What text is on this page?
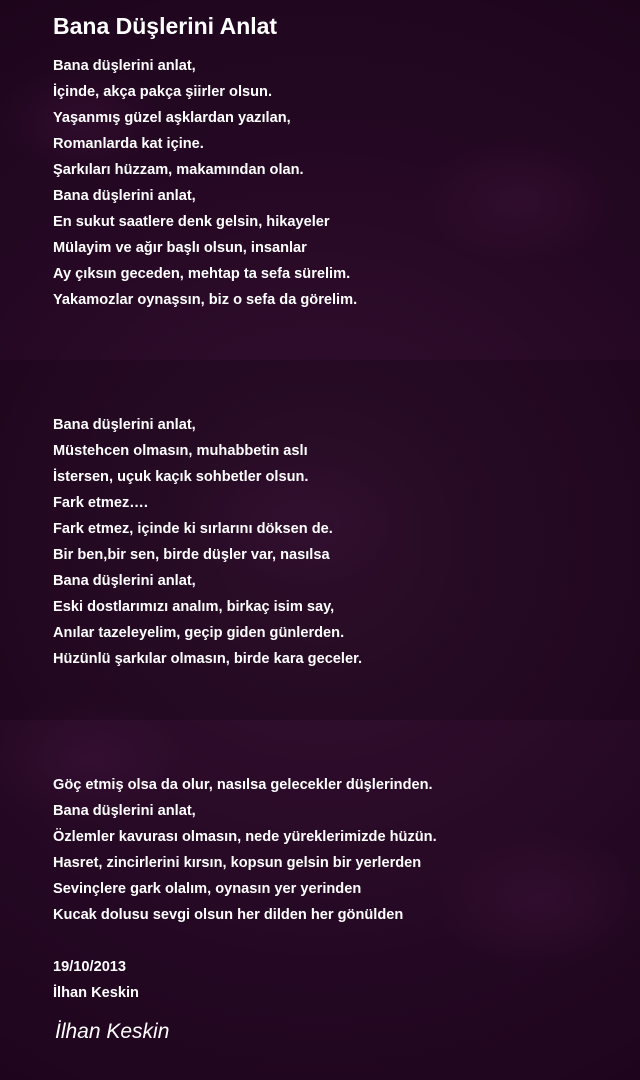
Bana Düşlerini Anlat
Bana düşlerini anlat,
İçinde, akça pakça şiirler olsun.
Yaşanmış güzel aşklardan yazılan,
Romanlarda kat içine.
Şarkıları hüzzam, makamından olan.
Bana düşlerini anlat,
En sukut saatlere denk gelsin, hikayeler
Mülayim ve ağır başlı olsun, insanlar
Ay çıksın geceden, mehtap ta sefa sürelim.
Yakamozlar oynaşsın, biz o sefa da görelim.
Bana düşlerini anlat,
Müstehcen olmasın, muhabbetin aslı
İstersen, uçuk kaçık sohbetler olsun.
Fark etmez….
Fark etmez, içinde ki sırlarını döksen de.
Bir ben,bir sen, birde düşler var, nasılsa
Bana düşlerini anlat,
Eski dostlarımızı analım, birkaç isim say,
Anılar tazeleyelim, geçip giden günlerden.
Hüzünlü şarkılar olmasın, birde kara geceler.
Göç etmiş olsa da olur, nasılsa gelecekler düşlerinden.
Bana düşlerini anlat,
Özlemler kavurası olmasın, nede yüreklerimizde hüzün.
Hasret, zincirlerini kırsın, kopsun gelsin bir yerlerden
Sevinçlere gark olalım, oynasın yer yerinden
Kucak dolusu sevgi olsun her dilden her gönülden
19/10/2013
İlhan Keskin
İlhan Keskin
